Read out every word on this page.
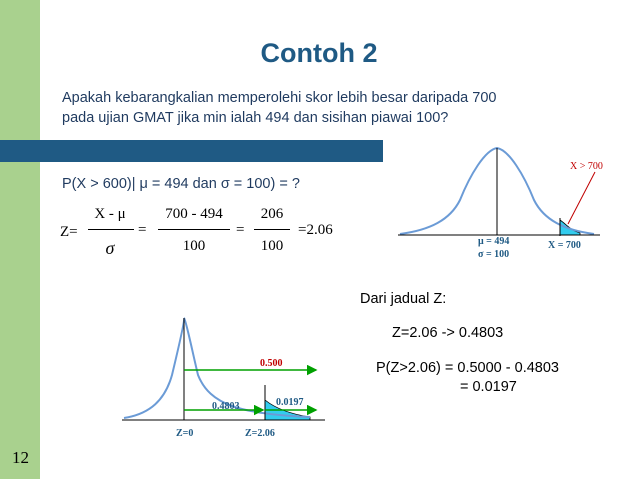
Contoh 2
Apakah kebarangkalian memperolehi skor lebih besar daripada 700
pada ujian GMAT jika min ialah 494 dan sisihan piawai 100?
P(X > 600)| μ = 494 dan σ = 100) = ?
Z=
X - μ
σ
=
700 - 494
100
=
206
100
=2.06
X > 700
X = 700
μ = 494
σ = 100
0.500
0.4803	0.0197
Z=0	Z=2.06
Dari jadual Z:
Z=2.06 -> 0.4803
P(Z>2.06) = 0.5000 - 0.4803
= 0.0197
12
